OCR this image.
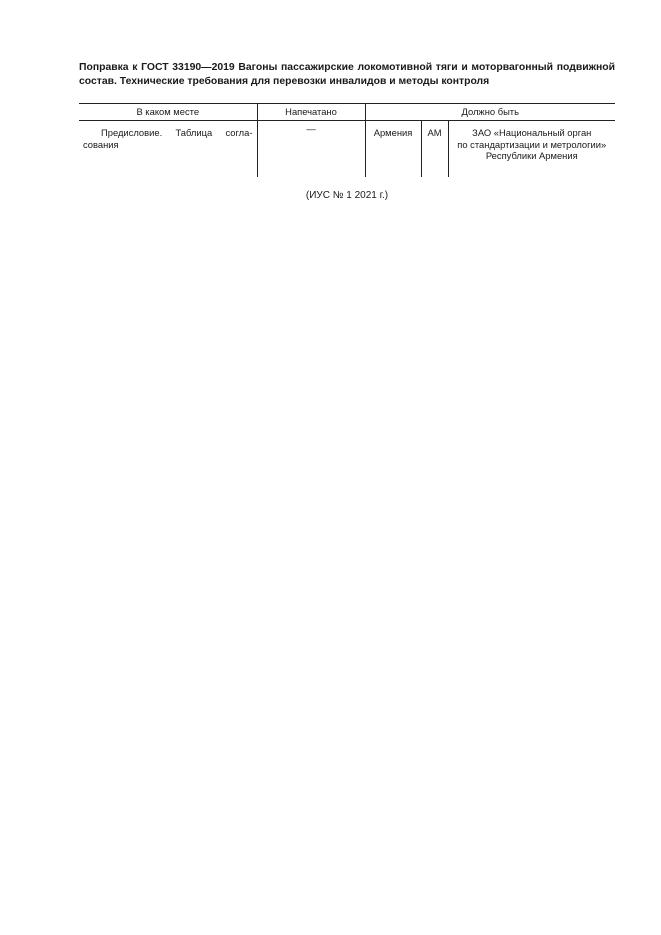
Поправка к ГОСТ 33190—2019 Вагоны пассажирские локомотивной тяги и моторвагонный подвижной состав. Технические требования для перевозки инвалидов и методы контроля
В каком месте	Напечатано	Должно быть		
Предисловие. Таблица согла-сования	—	Армения	AM	ЗАО «Национальный орган
по стандартизации и метрологии»
Республики Армения
(ИУС № 1 2021 г.)
